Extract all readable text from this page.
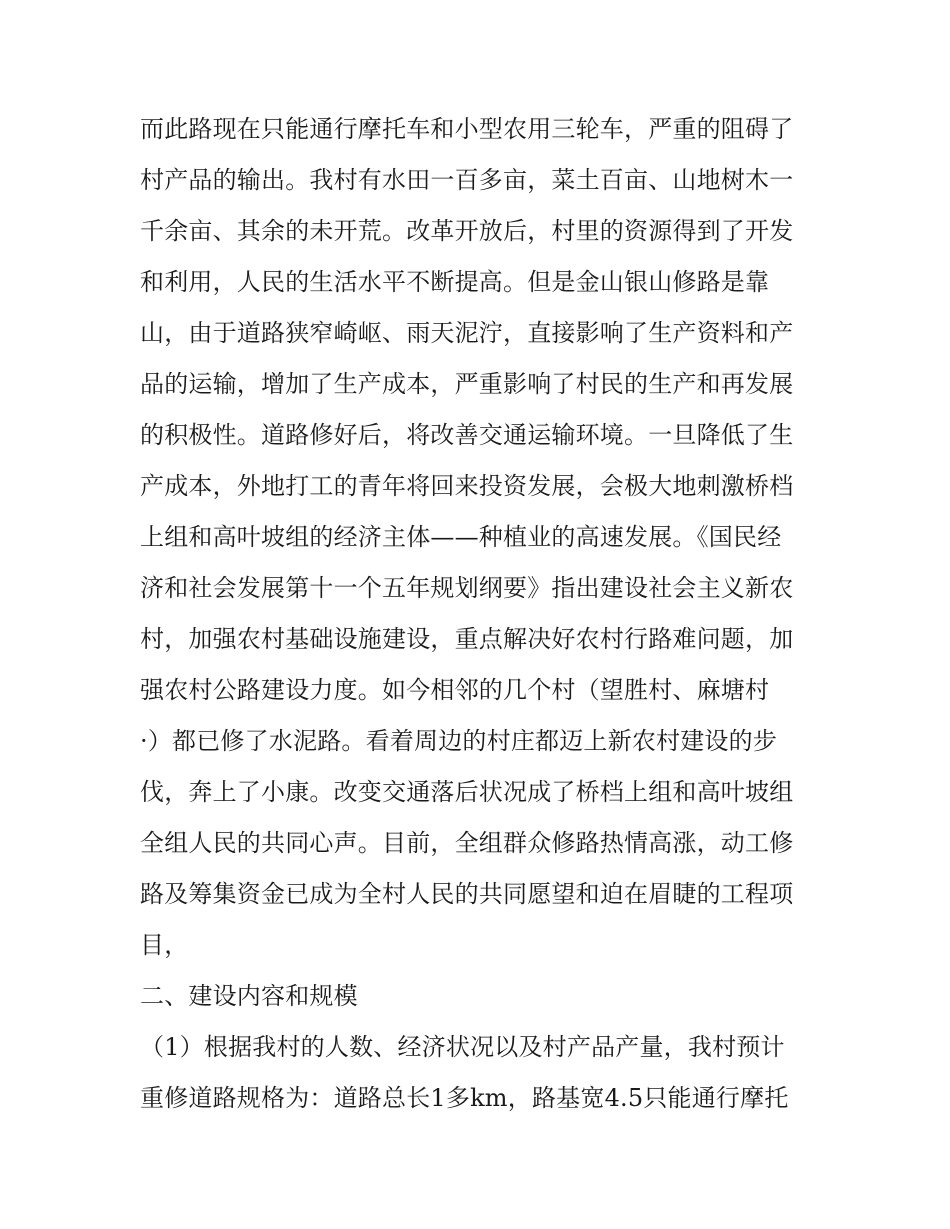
而此路现在只能通行摩托车和小型农用三轮车，严重的阻碍了
村产品的输出。我村有水田一百多亩，菜土百亩、山地树木一
千余亩、其余的未开荒。改革开放后，村里的资源得到了开发
和利用，人民的生活水平不断提高。但是金山银山修路是靠
山，由于道路狭窄崎岖、雨天泥泞，直接影响了生产资料和产
品的运输，增加了生产成本，严重影响了村民的生产和再发展
的积极性。道路修好后，将改善交通运输环境。一旦降低了生
产成本，外地打工的青年将回来投资发展，会极大地刺激桥档
上组和高叶坡组的经济主体——种植业的高速发展。《国民经
济和社会发展第十一个五年规划纲要》指出建设社会主义新农
村，加强农村基础设施建设，重点解决好农村行路难问题，加
强农村公路建设力度。如今相邻的几个村（望胜村、麻塘村
·）都已修了水泥路。看着周边的村庄都迈上新农村建设的步
伐，奔上了小康。改变交通落后状况成了桥档上组和高叶坡组
全组人民的共同心声。目前，全组群众修路热情高涨，动工修
路及筹集资金已成为全村人民的共同愿望和迫在眉睫的工程项
目，
二、建设内容和规模
（1）根据我村的人数、经济状况以及村产品产量，我村预计
重修道路规格为：道路总长1多km，路基宽4.5只能通行摩托
